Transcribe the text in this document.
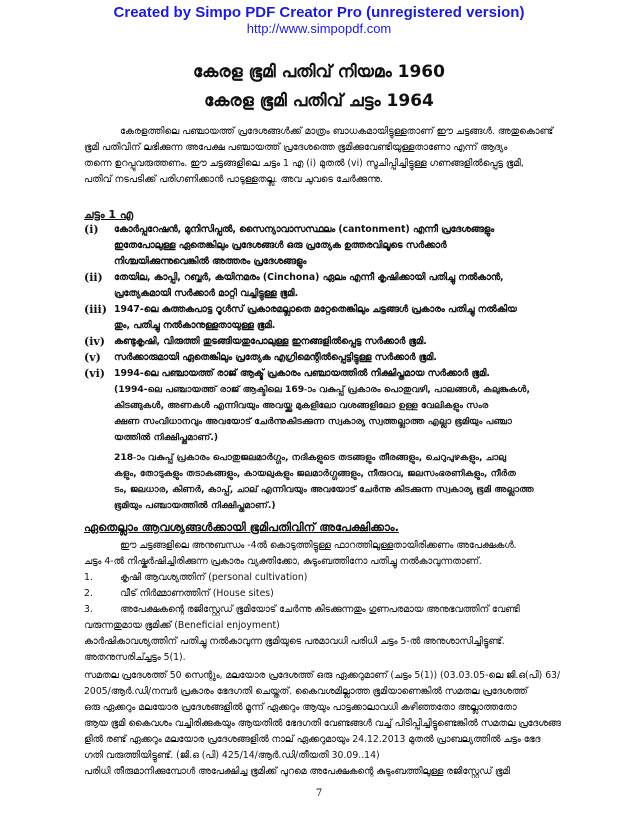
Created by Simpo PDF Creator Pro (unregistered version)
http://www.simpopdf.com
കേരള ഭൂമി പതിവ് നിയമം 1960
കേരള ഭൂമി പതിവ് ചട്ടം 1964
കേരളത്തിലെ പഞ്ചായത്ത് പ്രദേശങ്ങൾക്ക് മാത്രം ബാധകമായിട്ടുള്ളതാണ് ഈ ചട്ടങ്ങൾ. അതുകൊണ്ട്
ഭൂമി പതിവിന് ലഭിക്കുന്ന അപേക്ഷ പഞ്ചായത്ത് പ്രദേശത്തെ ഭൂമിക്കുവേണ്ടിയുള്ളതാണോ എന്ന് ആദ്യം
തന്നെ ഉറപ്പുവരുത്തണം. ഈ ചട്ടങ്ങളിലെ ചട്ടം 1 എ (i) മുതൽ (vi) സൂചിപ്പിച്ചിട്ടുള്ള ഗണങ്ങളിൽപ്പെട്ട ഭൂമി,
പതിവ് നടപടിക്ക് പരിഗണിക്കാൻ പാടുള്ളതല്ല. അവ ചുവടെ ചേർക്കുന്നു.
ചട്ടം 1 എ
(i) കോർപ്പറേഷൻ, മുനിസിപ്പൽ, സൈന്യാവാസസ്ഥലം (cantonment) എന്നീ പ്രദേശങ്ങളും
ഇതേപോലുള്ള ഏതെങ്കിലും പ്രദേശങ്ങൾ ഒരു പ്രത്യേക ഉത്തരവിലൂടെ സർക്കാർ
നിശ്ചയിക്കുന്നുവെങ്കിൽ അത്തരം പ്രദേശങ്ങളും
(ii) തേയില, കാപ്പി, റബ്ബർ, കയിനമരം (Cinchona) ഏലം എന്നീ കൃഷിക്കായി പതിച്ചു നൽകാൻ,
പ്രത്യേകമായി സർക്കാർ മാറ്റി വച്ചിട്ടുള്ള ഭൂമി.
(iii) 1947-ലെ കുത്തകപാട്ട റൂൾസ് പ്രകാരമല്ലാതെ മറ്റേതെങ്കിലും ചട്ടങ്ങൾ പ്രകാരം പതിച്ചു നൽകിയ
തും, പതിച്ചു നൽകാനുള്ളതായുള്ള ഭൂമി.
(iv) കണ്ടുകൃഷി, വിരുത്തി തുടങ്ങിയതുപോലുള്ള ഇനങ്ങളിൽപ്പെട്ട സർക്കാർ ഭൂമി.
(v) സർക്കാരുമായി ഏതെങ്കിലും പ്രത്യേക എഗ്രിമെന്റിൽപ്പെട്ടിട്ടുള്ള സർക്കാർ ഭൂമി.
(vi) 1994-ലെ പഞ്ചായത്ത് രാജ് ആക്ട് പ്രകാരം പഞ്ചായത്തിൽ നിക്ഷിപ്തമായ സർക്കാർ ഭൂമി.
(1994-ലെ പഞ്ചായത്ത് രാജ് ആക്ടിലെ 169-ാം വകുപ്പ് പ്രകാരം പൊതുവഴി, പാലങ്ങൾ, കലുങ്കുകൾ,
കിടങ്ങുകൾ, അണകൾ എന്നിവയും അവയ്ക്കു മുകളിലോ വശങ്ങളിലോ ഉള്ള വേലികളും സംര
ക്ഷണ സംവിധാനവും അവയോട് ചേർന്നുകിടക്കുന്ന സ്വകാര്യ സ്വത്തല്ലാത്ത എല്ലാ ഭൂമിയും പഞ്ചാ
യത്തിൽ നിക്ഷിപ്തമാണ്.)
218-ാം വകുപ്പ് പ്രകാരം പൊതുജലമാർഗ്ഗം, നദികളുടെ തടങ്ങളും തീരങ്ങളും, ചെറുപുഴകളും, ചാലു
കളും, തോടുകളും തടാകങ്ങളും, കായലുകളും ജലമാർഗ്ഗങ്ങളും, നീരുറവ, ജലസംഭരണികളും, നീർത
ടം, ജലധാര, കിണർ, കാപ്പ്, ചാല് എന്നിവയും അവയോട് ചേർന്നു കിടക്കുന്ന സ്വകാര്യ ഭൂമി അല്ലാത്ത
ഭൂമിയും പഞ്ചായത്തിൽ നിക്ഷിപ്തമാണ്.)
ഏതെല്ലാം ആവശ്യങ്ങൾക്കായി ഭൂമിപതിവിന് അപേക്ഷിക്കാം.
ഈ ചട്ടങ്ങളിലെ അനുബന്ധം -4ൽ കൊടുത്തിട്ടുള്ള ഫാറത്തിലുള്ളതായിരിക്കണം അപേക്ഷകൾ.
ചട്ടം 4-ൽ നിഷ്കർഷിച്ചിരിക്കുന്ന പ്രകാരം വ്യക്തിക്കോ, കുടുംബത്തിനോ പതിച്ചു നൽകാവുന്നതാണ്.
1.	കൃഷി ആവശ്യത്തിന് (personal cultivation)
2.	വീട് നിർമ്മാണത്തിന് (House sites)
3.	അപേക്ഷകന്റെ രജിസ്റ്റേഡ് ഭൂമിയോട് ചേർന്നു കിടക്കുന്നതും ഗുണപരമായ അനുഭവത്തിന് വേണ്ടി
വരുന്നതുമായ ഭൂമിക്ക് (Beneficial enjoyment)
കാർഷികാവശ്യത്തിന് പതിച്ചു നൽകാവുന്ന ഭൂമിയുടെ പരമാവധി പരിധി ചട്ടം 5-ൽ അനുശാസിച്ചിട്ടുണ്ട്.
അതനുസരിച്ച്ചട്ടം 5(1).
സമതല പ്രദേശത്ത് 50 സെന്റും, മലയോര പ്രദേശത്ത് ഒരു ഏക്കറുമാണ് (ചട്ടം 5(1)) (03.03.05-ലെ ജി.ഒ(പി) 63/
2005/ആർ.ഡി/നമ്പർ പ്രകാരം ഭേദഗതി ചെയ്തത്. കൈവശമില്ലാത്ത ഭൂമിയാണെങ്കിൽ സമതല പ്രദേശത്ത്
ഒരു ഏക്കറും മലയോര പ്രദേശങ്ങളിൽ മൂന്ന് ഏക്കറും ആയും പാട്ടക്കാലാവധി കഴിഞ്ഞതോ അല്ലാത്തതോ
ആയ ഭൂമി കൈവശം വച്ചിരിക്കുകയും ആയതിൽ ഭേദഗതി വേണ്ടങ്ങൾ വച്ച് പിടിപ്പിച്ചിട്ടുണ്ടെങ്കിൽ സമതല പ്രദേശങ്ങ
ളിൽ രണ്ട് ഏക്കറും മലയോര പ്രദേശങ്ങളിൽ നാല് ഏക്കറുമായും 24.12.2013 മുതൽ പ്രാബല്യത്തിൽ ചട്ടം ഭേദ
ഗതി വരുത്തിയിട്ടുണ്ട്. (ജി.ഒ (പി) 425/14/ആർ.ഡി/തീയതി 30.09..14)
പരിധി തീരുമാനിക്കുമ്പോൾ അപേക്ഷിച്ച ഭൂമിക്ക് പുറമെ അപേക്ഷകന്റെ കുടുംബത്തിലുള്ള രജിസ്റ്റേഡ് ഭൂമി
7
